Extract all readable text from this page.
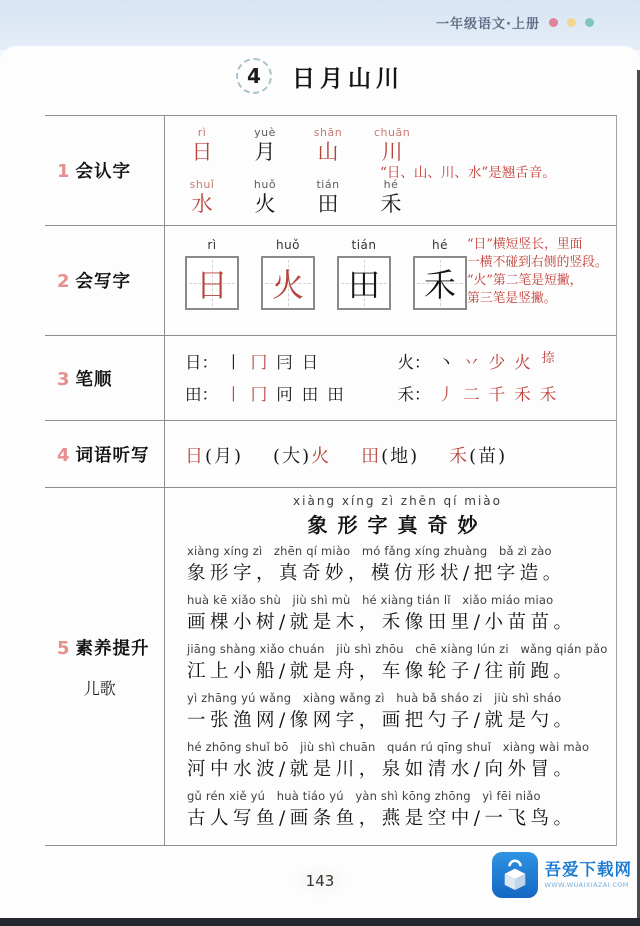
一年级语文·上册
4	日月山川
1 会认字
rì
日
yuè
月
shān
山
chuān
川
shuǐ
水
huǒ
火
tián
田
hé
禾
“日、山、川、水”是翘舌音。
2 会写字
rì
日
huǒ
火
tián
田
hé
禾
“日”横短竖长，里面
一横不碰到右侧的竖段。
“火”第二笔是短撇，
第三笔是竖撇。
3 笔顺
日： 丨 冂 冃 日
田： 丨 冂 冋 田 田
火： 丶 丷 少 火 $^捺$
禾： 丿 二 千 禾 禾
4 词语听写 日(月) (大)火 田(地) 禾(苗)
5 素养提升
儿歌
xiàng xíng zì zhēn qí miào
象形字真奇妙
xiàng xíng zì   zhēn qí miào   mó fǎng xíng zhuàng   bǎ zì zào
象形字，真奇妙，模仿形状/把字造。
huà kē xiǎo shù   jiù shì mù   hé xiàng tián lǐ   xiǎo miáo miao
画棵小树/就是木，禾像田里/小苗苗。
jiāng shàng xiǎo chuán   jiù shì zhōu   chē xiàng lún zi   wǎng qián pǎo
江上小船/就是舟，车像轮子/往前跑。
yì zhāng yú wǎng   xiàng wǎng zì   huà bǎ sháo zi   jiù shì sháo
一张渔网/像网字，画把勺子/就是勺。
hé zhōng shuǐ bō   jiù shì chuān   quán rú qīng shuǐ   xiàng wài mào
河中水波/就是川，泉如清水/向外冒。
gǔ rén xiě yú   huà tiáo yú   yàn shì kōng zhōng   yì fēi niǎo
古人写鱼/画条鱼，燕是空中/一飞鸟。
143
吾爱下载网
WWW.WUAIXIAZAI.COM
